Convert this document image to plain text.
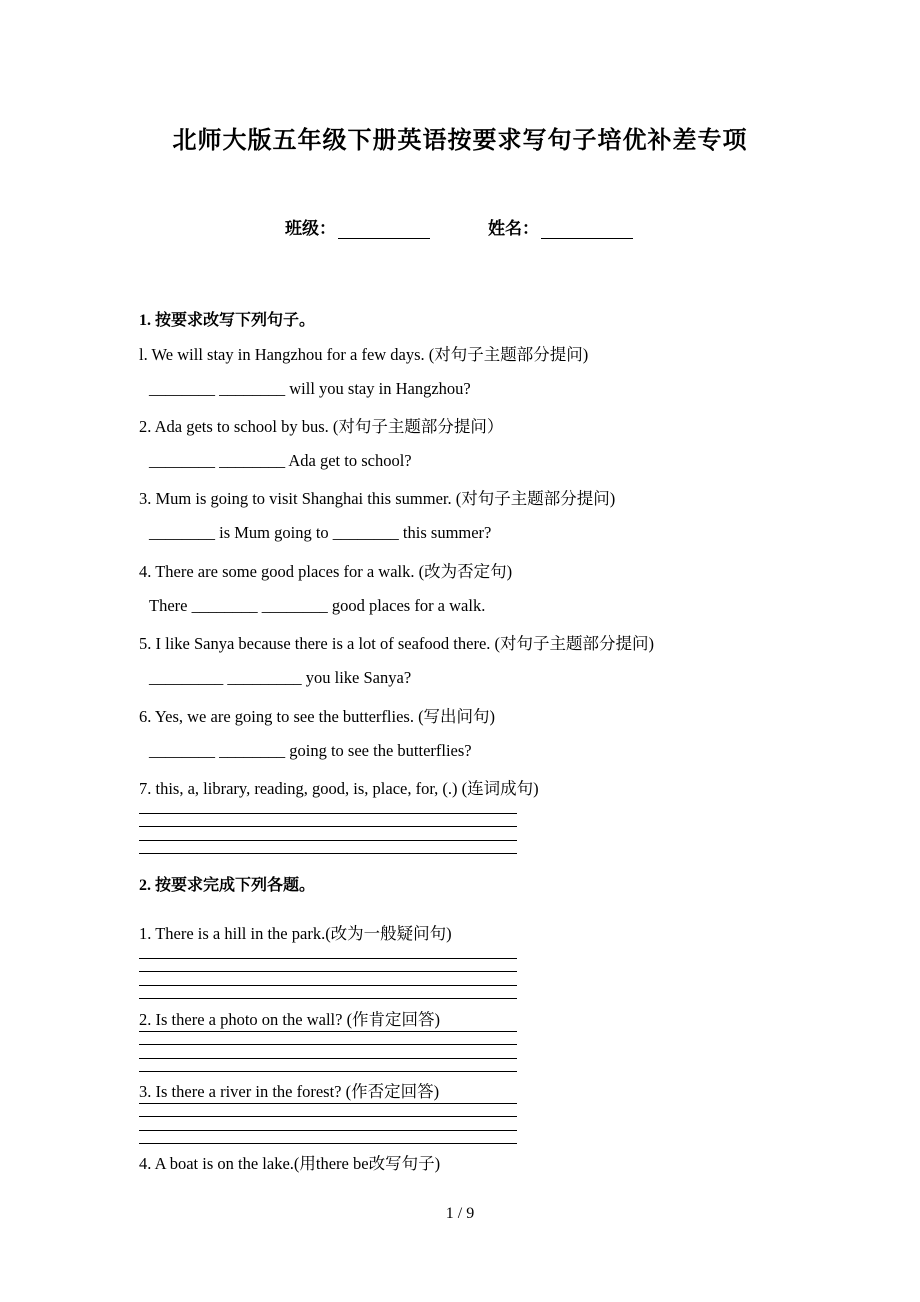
北师大版五年级下册英语按要求写句子培优补差专项
班级：	姓名：
1. 按要求改写下列句子。
l. We will stay in Hangzhou for a few days. (对句子主题部分提问)
________ ________ will you stay in Hangzhou?
2. Ada gets to school by bus. (对句子主题部分提问）
________ ________ Ada get to school?
3. Mum is going to visit Shanghai this summer. (对句子主题部分提问)
________ is Mum going to ________ this summer?
4. There are some good places for a walk. (改为否定句)
There ________ ________ good places for a walk.
5. I like Sanya because there is a lot of seafood there. (对句子主题部分提问)
_________ _________ you like Sanya?
6. Yes, we are going to see the butterflies. (写出问句)
________ ________ going to see the butterflies?
7. this, a, library, reading, good, is, place, for, (.) (连词成句)
2. 按要求完成下列各题。
1. There is a hill in the park.(改为一般疑问句)
2. Is there a photo on the wall? (作肯定回答)
3. Is there a river in the forest? (作否定回答)
4. A boat is on the lake.(用there be改写句子)
1 / 9
